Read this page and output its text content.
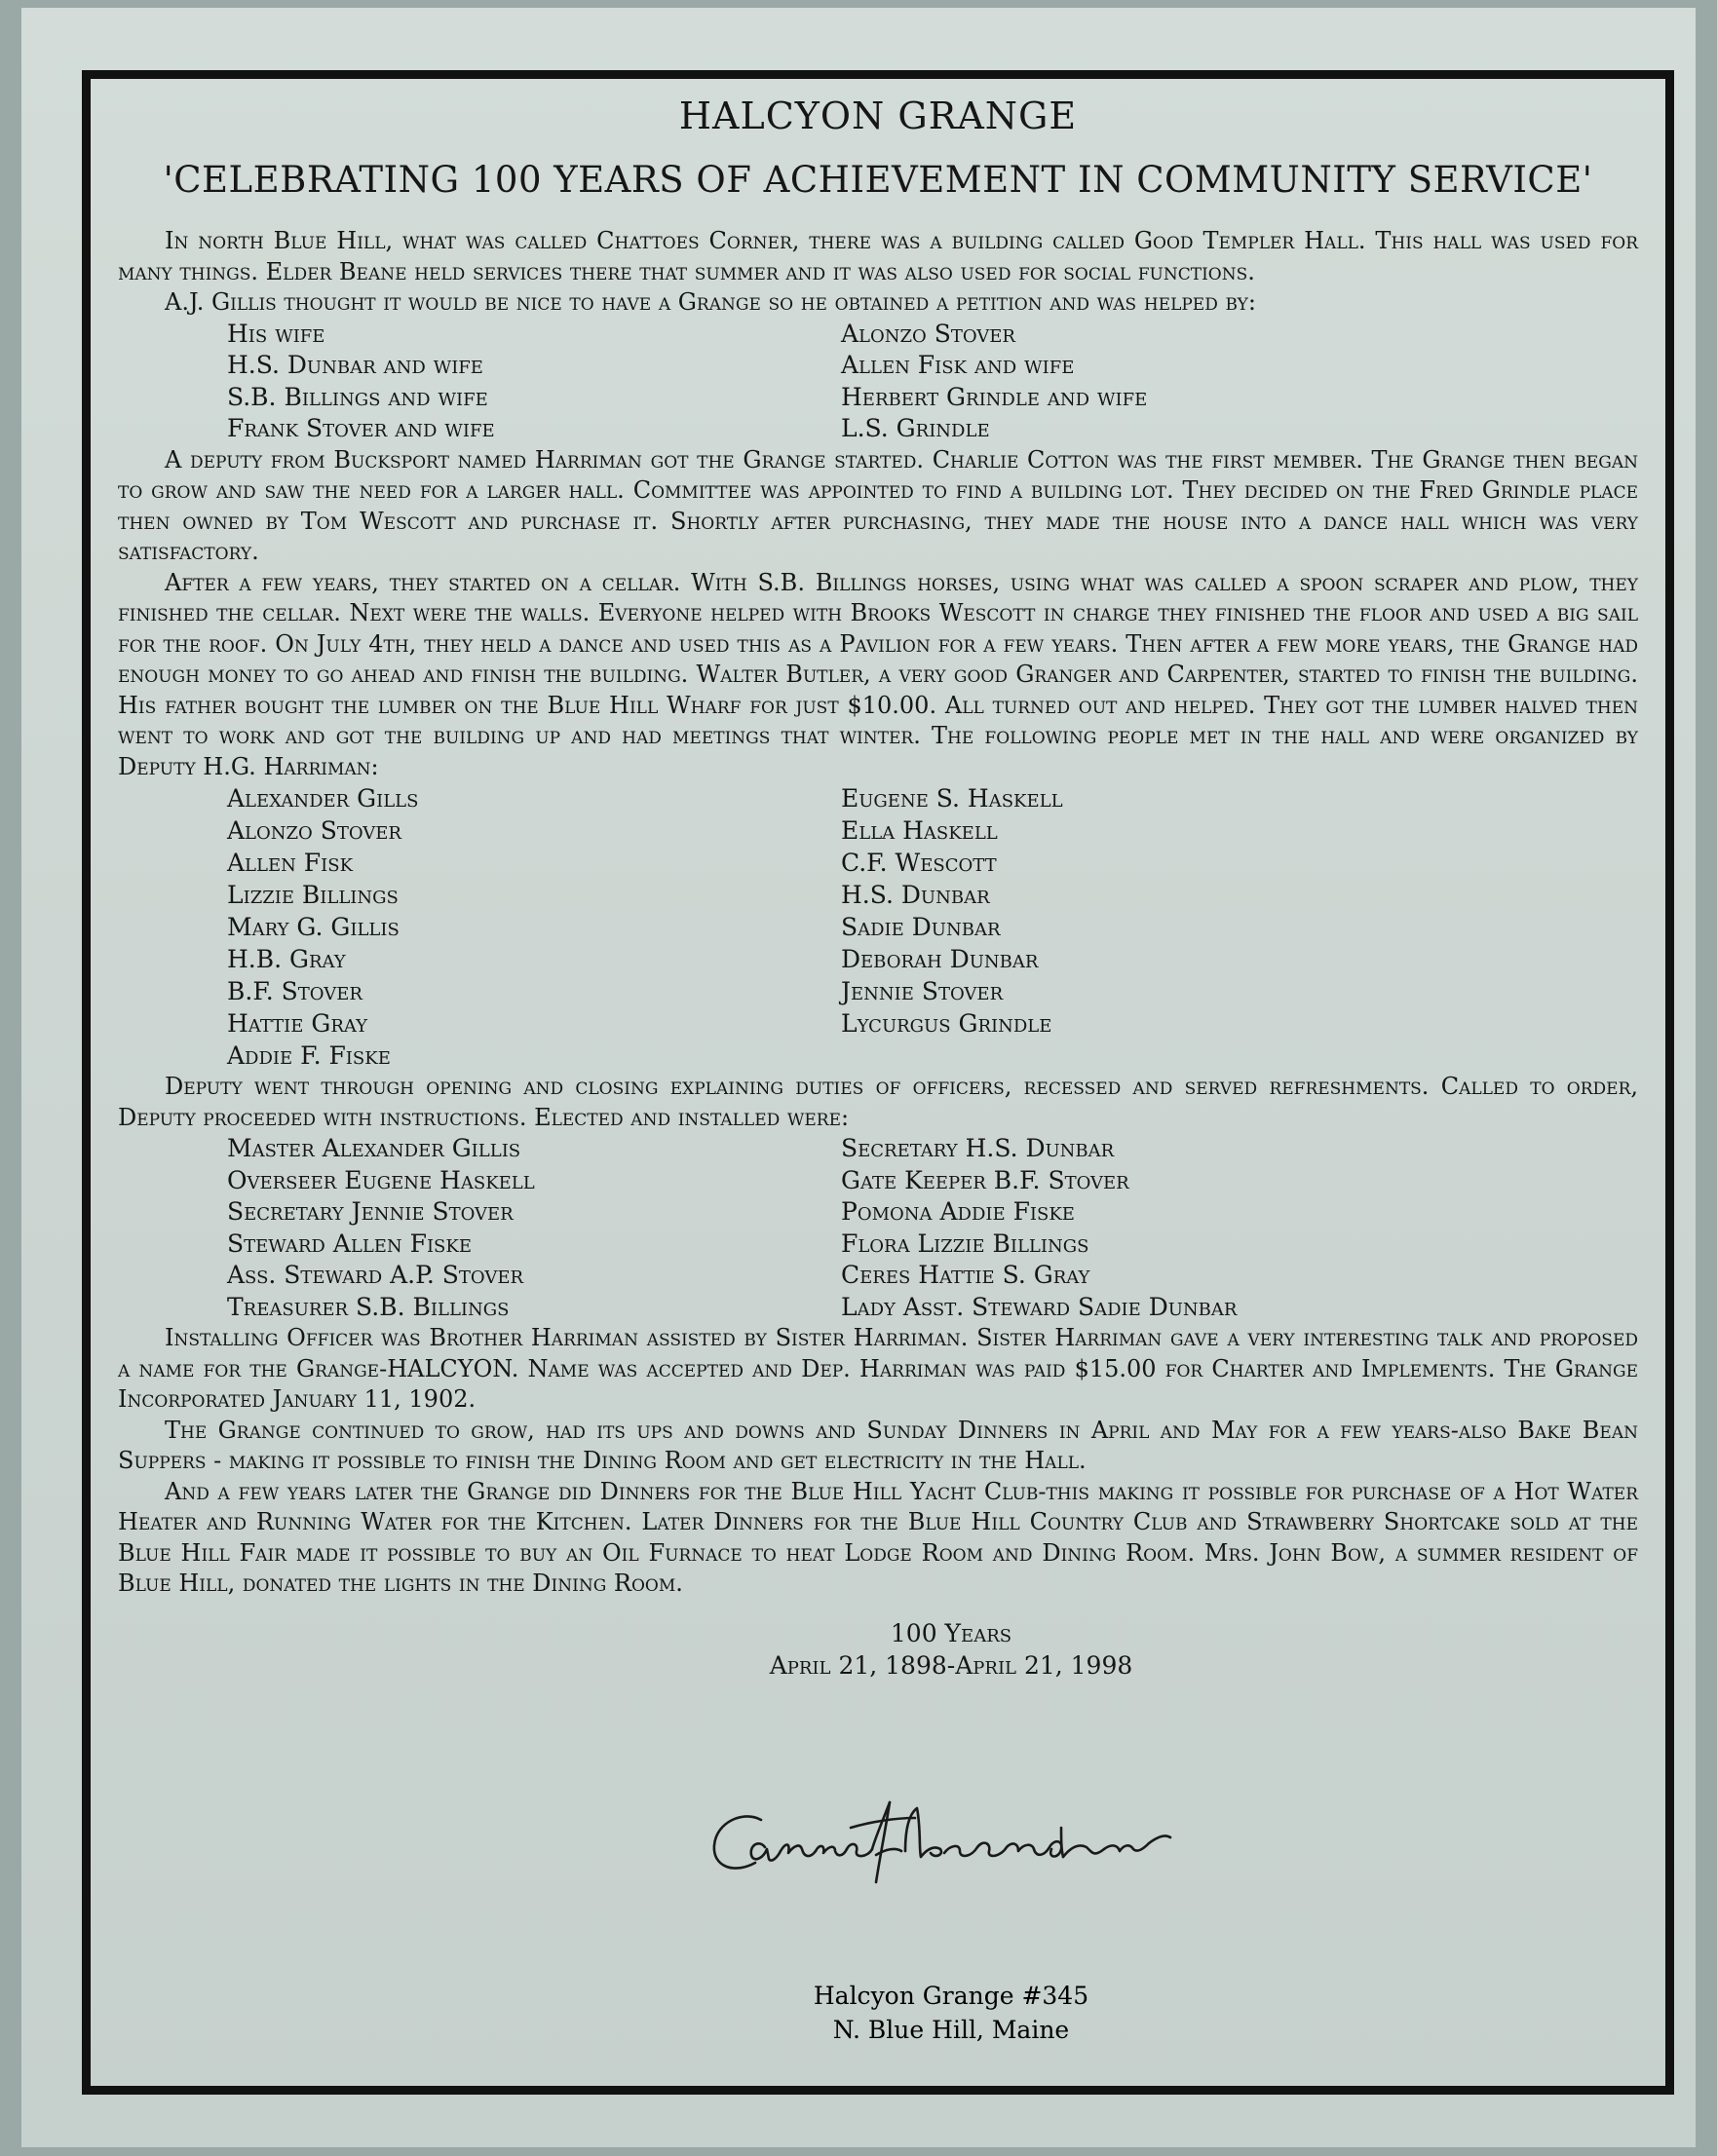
HALCYON GRANGE
'CELEBRATING 100 YEARS OF ACHIEVEMENT IN COMMUNITY SERVICE'

In north Blue Hill, what was called Chattoes Corner, there was a building called Good Templer Hall. This hall was used for many things. Elder Beane held services there that summer and it was also used for social functions.

A.J. Gillis thought it would be nice to have a Grange so he obtained a petition and was helped by:

His wife	Alonzo Stover
H.S. Dunbar and wife	Allen Fisk and wife
S.B. Billings and wife	Herbert Grindle and wife
Frank Stover and wife	L.S. Grindle

A deputy from Bucksport named Harriman got the Grange started. Charlie Cotton was the first member. The Grange then began to grow and saw the need for a larger hall. Committee was appointed to find a building lot. They decided on the Fred Grindle place then owned by Tom Wescott and purchase it. Shortly after purchasing, they made the house into a dance hall which was very satisfactory.

After a few years, they started on a cellar. With S.B. Billings horses, using what was called a spoon scraper and plow, they finished the cellar. Next were the walls. Everyone helped with Brooks Wescott in charge they finished the floor and used a big sail for the roof. On July 4th, they held a dance and used this as a Pavilion for a few years. Then after a few more years, the Grange had enough money to go ahead and finish the building. Walter Butler, a very good Granger and Carpenter, started to finish the building. His father bought the lumber on the Blue Hill Wharf for just $10.00. All turned out and helped. They got the lumber halved then went to work and got the building up and had meetings that winter. The following people met in the hall and were organized by Deputy H.G. Harriman:

Alexander Gills	Eugene S. Haskell
Alonzo Stover	Ella Haskell
Allen Fisk	C.F. Wescott
Lizzie Billings	H.S. Dunbar
Mary G. Gillis	Sadie Dunbar
H.B. Gray	Deborah Dunbar
B.F. Stover	Jennie Stover
Hattie Gray	Lycurgus Grindle
Addie F. Fiske

Deputy went through opening and closing explaining duties of officers, recessed and served refreshments. Called to order, Deputy proceeded with instructions. Elected and installed were:

Master Alexander Gillis	Secretary H.S. Dunbar
Overseer Eugene Haskell	Gate Keeper B.F. Stover
Secretary Jennie Stover	Pomona Addie Fiske
Steward Allen Fiske	Flora Lizzie Billings
Ass. Steward A.P. Stover	Ceres Hattie S. Gray
Treasurer S.B. Billings	Lady Asst. Steward Sadie Dunbar

Installing Officer was Brother Harriman assisted by Sister Harriman. Sister Harriman gave a very interesting talk and proposed a name for the Grange-HALCYON. Name was accepted and Dep. Harriman was paid $15.00 for Charter and Implements. The Grange Incorporated January 11, 1902.

The Grange continued to grow, had its ups and downs and Sunday Dinners in April and May for a few years-also Bake Bean Suppers - making it possible to finish the Dining Room and get electricity in the Hall.

And a few years later the Grange did Dinners for the Blue Hill Yacht Club-this making it possible for purchase of a Hot Water Heater and Running Water for the Kitchen. Later Dinners for the Blue Hill Country Club and Strawberry Shortcake sold at the Blue Hill Fair made it possible to buy an Oil Furnace to heat Lodge Room and Dining Room. Mrs. John Bow, a summer resident of Blue Hill, donated the lights in the Dining Room.

100 Years
April 21, 1898-April 21, 1998
Halcyon Grange #345
N. Blue Hill, Maine
